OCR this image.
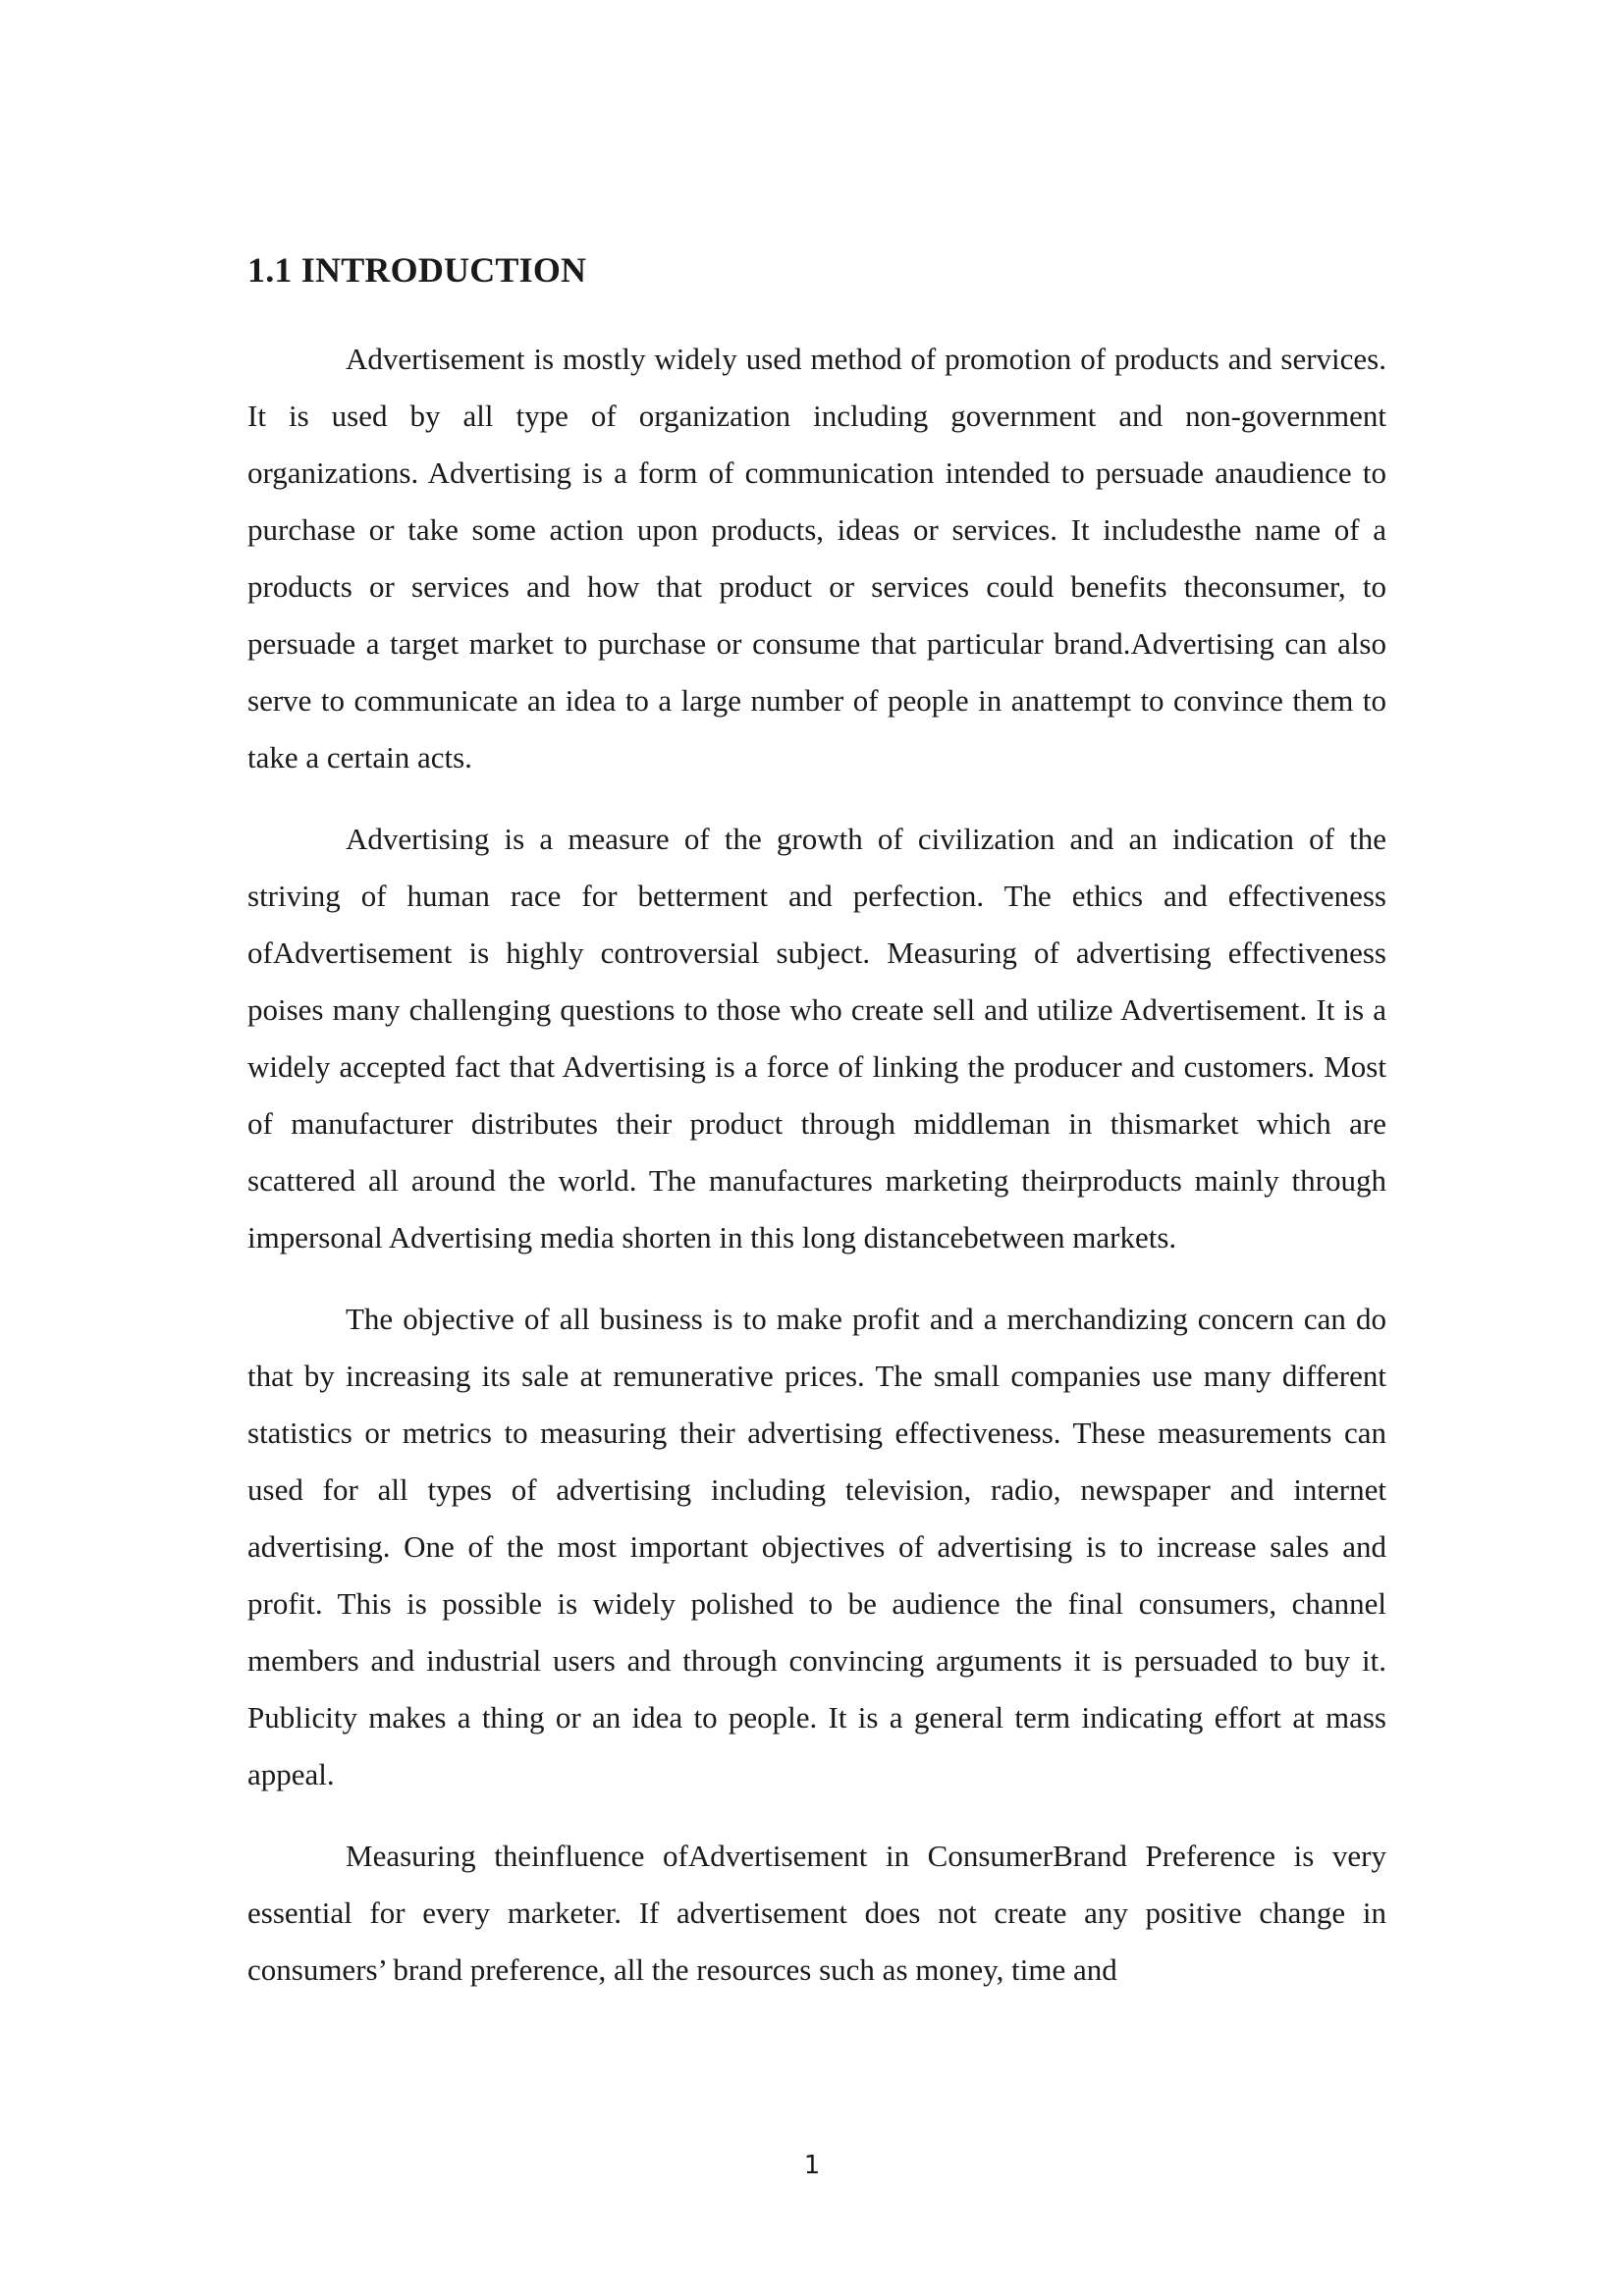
1.1 INTRODUCTION

Advertisement is mostly widely used method of promotion of products and services. It is used by all type of organization including government and non-government organizations. Advertising is a form of communication intended to persuade anaudience to purchase or take some action upon products, ideas or services. It includesthe name of a products or services and how that product or services could benefits theconsumer, to persuade a target market to purchase or consume that particular brand.Advertising can also serve to communicate an idea to a large number of people in anattempt to convince them to take a certain acts.

Advertising is a measure of the growth of civilization and an indication of the striving of human race for betterment and perfection. The ethics and effectiveness ofAdvertisement is highly controversial subject. Measuring of advertising effectiveness poises many challenging questions to those who create sell and utilize Advertisement. It is a widely accepted fact that Advertising is a force of linking the producer and customers. Most of manufacturer distributes their product through middleman in thismarket which are scattered all around the world. The manufactures marketing theirproducts mainly through impersonal Advertising media shorten in this long distancebetween markets.

The objective of all business is to make profit and a merchandizing concern can do that by increasing its sale at remunerative prices. The small companies use many different statistics or metrics to measuring their advertising effectiveness. These measurements can used for all types of advertising including television, radio, newspaper and internet advertising. One of the most important objectives of advertising is to increase sales and profit. This is possible is widely polished to be audience the final consumers, channel members and industrial users and through convincing arguments it is persuaded to buy it. Publicity makes a thing or an idea to people. It is a general term indicating effort at mass appeal.

Measuring theinfluence ofAdvertisement in ConsumerBrand Preference is very essential for every marketer. If advertisement does not create any positive change in consumers’ brand preference, all the resources such as money, time and

1
